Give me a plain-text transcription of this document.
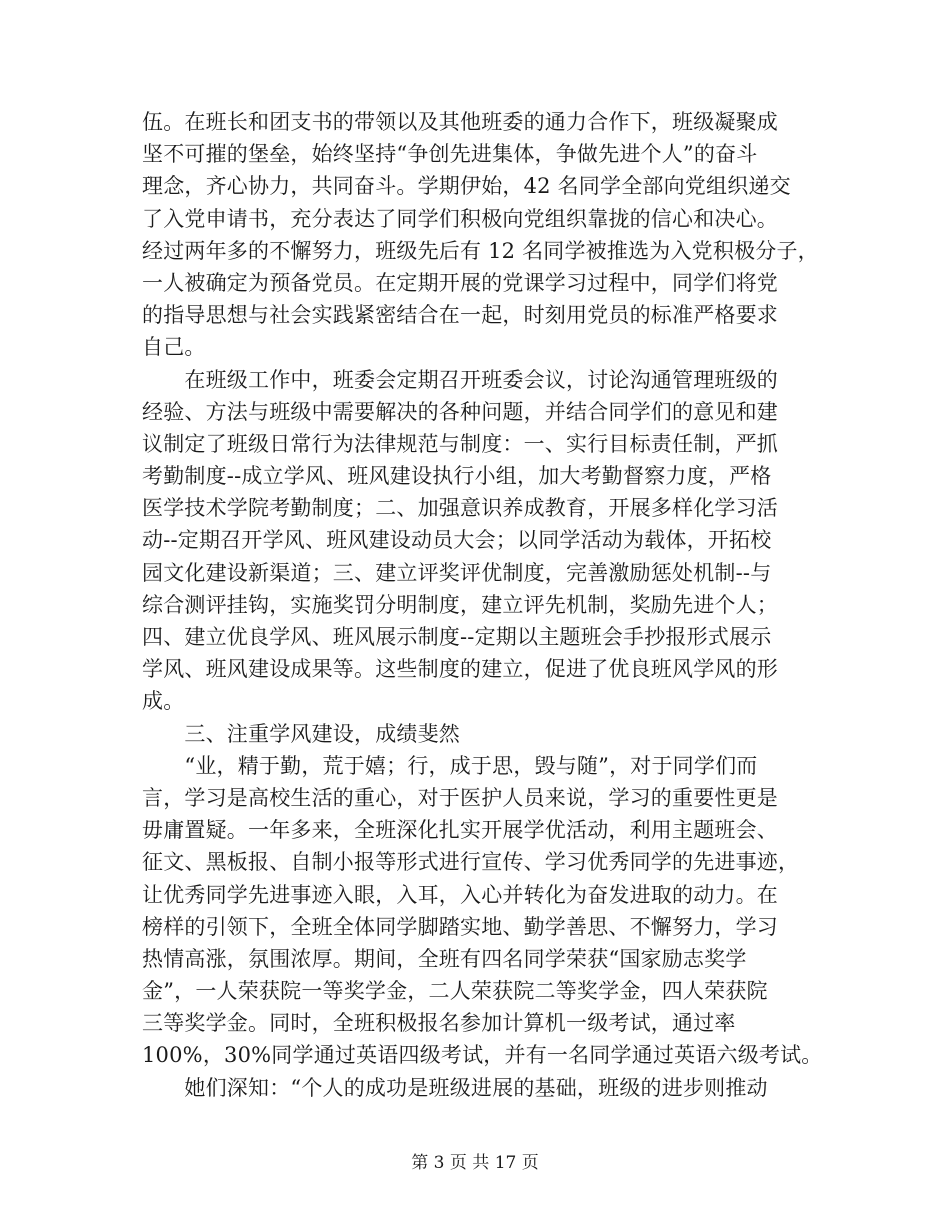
伍。在班长和团支书的带领以及其他班委的通力合作下，班级凝聚成
坚不可摧的堡垒，始终坚持“争创先进集体，争做先进个人”的奋斗
理念，齐心协力，共同奋斗。学期伊始，42 名同学全部向党组织递交
了入党申请书，充分表达了同学们积极向党组织靠拢的信心和决心。
经过两年多的不懈努力，班级先后有 12 名同学被推选为入党积极分子，
一人被确定为预备党员。在定期开展的党课学习过程中，同学们将党
的指导思想与社会实践紧密结合在一起，时刻用党员的标准严格要求
自己。
　　在班级工作中，班委会定期召开班委会议，讨论沟通管理班级的
经验、方法与班级中需要解决的各种问题，并结合同学们的意见和建
议制定了班级日常行为法律规范与制度：一、实行目标责任制，严抓
考勤制度--成立学风、班风建设执行小组，加大考勤督察力度，严格
医学技术学院考勤制度；二、加强意识养成教育，开展多样化学习活
动--定期召开学风、班风建设动员大会；以同学活动为载体，开拓校
园文化建设新渠道；三、建立评奖评优制度，完善激励惩处机制--与
综合测评挂钩，实施奖罚分明制度，建立评先机制，奖励先进个人；
四、建立优良学风、班风展示制度--定期以主题班会手抄报形式展示
学风、班风建设成果等。这些制度的建立，促进了优良班风学风的形
成。
　　三、注重学风建设，成绩斐然
　　“业，精于勤，荒于嬉；行，成于思，毁与随”，对于同学们而
言，学习是高校生活的重心，对于医护人员来说，学习的重要性更是
毋庸置疑。一年多来，全班深化扎实开展学优活动，利用主题班会、
征文、黑板报、自制小报等形式进行宣传、学习优秀同学的先进事迹，
让优秀同学先进事迹入眼，入耳，入心并转化为奋发进取的动力。在
榜样的引领下，全班全体同学脚踏实地、勤学善思、不懈努力，学习
热情高涨，氛围浓厚。期间，全班有四名同学荣获“国家励志奖学
金”，一人荣获院一等奖学金，二人荣获院二等奖学金，四人荣获院
三等奖学金。同时，全班积极报名参加计算机一级考试，通过率
100%，30%同学通过英语四级考试，并有一名同学通过英语六级考试。
　　她们深知：“个人的成功是班级进展的基础，班级的进步则推动
第 3 页 共 17 页
